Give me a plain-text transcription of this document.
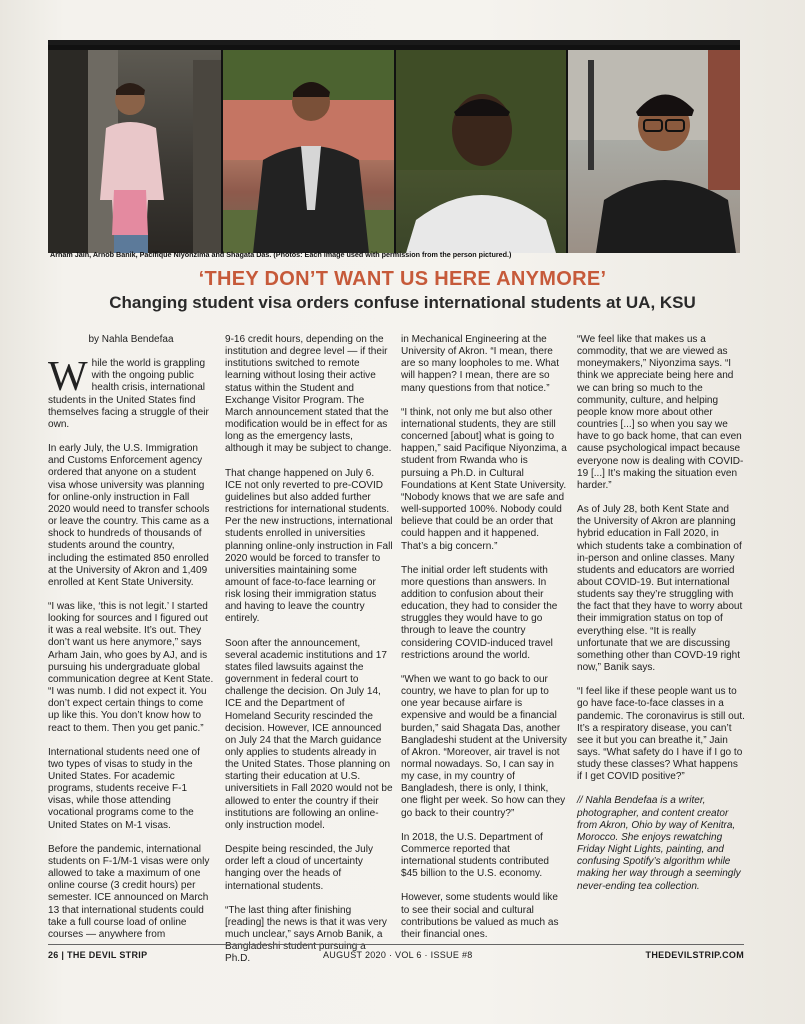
Arham Jain, Arnob Banik, Pacifique Niyonzima and Shagata Das. (Photos: Each image used with permission from the person pictured.)
‘THEY DON’T WANT US HERE ANYMORE’
Changing student visa orders confuse international students at UA, KSU

by Nahla Bendefaa

While the world is grappling with the ongoing public health crisis, international students in the United States find themselves facing a struggle of their own.

In early July, the U.S. Immigration and Customs Enforcement agency ordered that anyone on a student visa whose university was planning for online-only instruction in Fall 2020 would need to transfer schools or leave the country. This came as a shock to hundreds of thousands of students around the country, including the estimated 850 enrolled at the University of Akron and 1,409 enrolled at Kent State University.

“I was like, ‘this is not legit.’ I started looking for sources and I figured out it was a real website. It’s out. They don’t want us here anymore,” says Arham Jain, who goes by AJ, and is pursuing his undergraduate global communication degree at Kent State. “I was numb. I did not expect it. You don’t expect certain things to come up like this. You don’t know how to react to them. Then you get panic.”

International students need one of two types of visas to study in the United States. For academic programs, students receive F-1 visas, while those attending vocational programs come to the United States on M-1 visas.

Before the pandemic, international students on F-1/M-1 visas were only allowed to take a maximum of one online course (3 credit hours) per semester. ICE announced on March 13 that international students could take a full course load of online courses — anywhere from

9-16 credit hours, depending on the institution and degree level — if their institutions switched to remote learning without losing their active status within the Student and Exchange Visitor Program. The March announcement stated that the modification would be in effect for as long as the emergency lasts, although it may be subject to change.

That change happened on July 6. ICE not only reverted to pre-COVID guidelines but also added further restrictions for international students. Per the new instructions, international students enrolled in universities planning online-only instruction in Fall 2020 would be forced to transfer to universities maintaining some amount of face-to-face learning or risk losing their immigration status and having to leave the country entirely.

Soon after the announcement, several academic institutions and 17 states filed lawsuits against the government in federal court to challenge the decision. On July 14, ICE and the Department of Homeland Security rescinded the decision. However, ICE announced on July 24 that the March guidance only applies to students already in the United States. Those planning on starting their education at U.S. universitiets in Fall 2020 would not be allowed to enter the country if their institutions are following an online-only instruction model.

Despite being rescinded, the July order left a cloud of uncertainty hanging over the heads of international students.

“The last thing after finishing [reading] the news is that it was very much unclear,” says Arnob Banik, a Bangladeshi student pursuing a Ph.D.

in Mechanical Engineering at the University of Akron. “I mean, there are so many loopholes to me. What will happen? I mean, there are so many questions from that notice.”

“I think, not only me but also other international students, they are still concerned [about] what is going to happen,” said Pacifique Niyonzima, a student from Rwanda who is pursuing a Ph.D. in Cultural Foundations at Kent State University. “Nobody knows that we are safe and well-supported 100%. Nobody could believe that could be an order that could happen and it happened. That’s a big concern.”

The initial order left students with more questions than answers. In addition to confusion about their education, they had to consider the struggles they would have to go through to leave the country considering COVID-induced travel restrictions around the world.

“When we want to go back to our country, we have to plan for up to one year because airfare is expensive and would be a financial burden,” said Shagata Das, another Bangladeshi student at the University of Akron. “Moreover, air travel is not normal nowadays. So, I can say in my case, in my country of Bangladesh, there is only, I think, one flight per week. So how can they go back to their country?”

In 2018, the U.S. Department of Commerce reported that international students contributed $45 billion to the U.S. economy.

However, some students would like to see their social and cultural contributions be valued as much as their financial ones.

“We feel like that makes us a commodity, that we are viewed as moneymakers,” Niyonzima says. “I think we appreciate being here and we can bring so much to the community, culture, and helping people know more about other countries [...] so when you say we have to go back home, that can even cause psychological impact because everyone now is dealing with COVID-19 [...] It’s making the situation even harder.”

As of July 28, both Kent State and the University of Akron are planning hybrid education in Fall 2020, in which students take a combination of in-person and online classes. Many students and educators are worried about COVID-19. But international students say they’re struggling with the fact that they have to worry about their immigration status on top of everything else. “It is really unfortunate that we are discussing something other than COVD-19 right now,” Banik says.

“I feel like if these people want us to go have face-to-face classes in a pandemic. The coronavirus is still out. It’s a respiratory disease, you can’t see it but you can breathe it,” Jain says. “What safety do I have if I go to study these classes? What happens if I get COVID positive?”

// Nahla Bendefaa is a writer, photographer, and content creator from Akron, Ohio by way of Kenitra, Morocco. She enjoys rewatching Friday Night Lights, painting, and confusing Spotify’s algorithm while making her way through a seemingly never-ending tea collection.

26 | THE DEVIL STRIP	AUGUST 2020 · VOL 6 · ISSUE #8	THEDEVILSTRIP.COM
